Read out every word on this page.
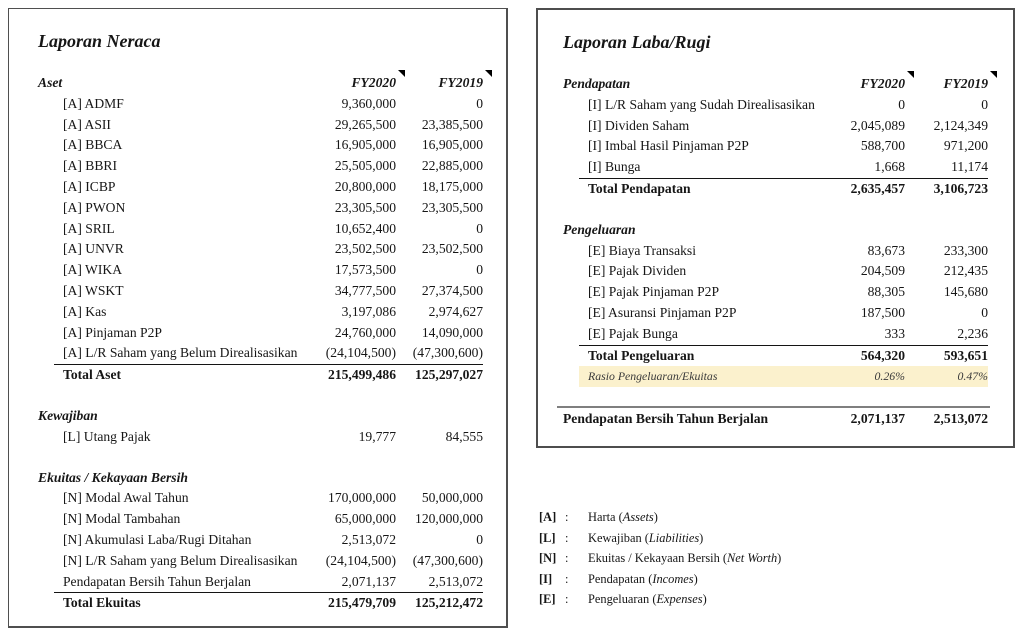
Laporan Neraca
Aset	FY2020	FY2019
[A] ADMF	9,360,000	0
[A] ASII	29,265,500	23,385,500
[A] BBCA	16,905,000	16,905,000
[A] BBRI	25,505,000	22,885,000
[A] ICBP	20,800,000	18,175,000
[A] PWON	23,305,500	23,305,500
[A] SRIL	10,652,400	0
[A] UNVR	23,502,500	23,502,500
[A] WIKA	17,573,500	0
[A] WSKT	34,777,500	27,374,500
[A] Kas	3,197,086	2,974,627
[A] Pinjaman P2P	24,760,000	14,090,000
[A] L/R Saham yang Belum Direalisasikan	(24,104,500)	(47,300,600)
Total Aset	215,499,486	125,297,027
Kewajiban
[L] Utang Pajak	19,777	84,555
Ekuitas / Kekayaan Bersih
[N] Modal Awal Tahun	170,000,000	50,000,000
[N] Modal Tambahan	65,000,000	120,000,000
[N] Akumulasi Laba/Rugi Ditahan	2,513,072	0
[N] L/R Saham yang Belum Direalisasikan	(24,104,500)	(47,300,600)
Pendapatan Bersih Tahun Berjalan	2,071,137	2,513,072
Total Ekuitas	215,479,709	125,212,472
Laporan Laba/Rugi
Pendapatan	FY2020	FY2019
[I] L/R Saham yang Sudah Direalisasikan	0	0
[I] Dividen Saham	2,045,089	2,124,349
[I] Imbal Hasil Pinjaman P2P	588,700	971,200
[I] Bunga	1,668	11,174
Total Pendapatan	2,635,457	3,106,723
Pengeluaran
[E] Biaya Transaksi	83,673	233,300
[E] Pajak Dividen	204,509	212,435
[E] Pajak Pinjaman P2P	88,305	145,680
[E] Asuransi Pinjaman P2P	187,500	0
[E] Pajak Bunga	333	2,236
Total Pengeluaran	564,320	593,651
Rasio Pengeluaran/Ekuitas	0.26%	0.47%
Pendapatan Bersih Tahun Berjalan	2,071,137	2,513,072
[A] :	Harta (Assets)
[L] :	Kewajiban (Liabilities)
[N] :	Ekuitas / Kekayaan Bersih (Net Worth)
[I]	:	Pendapatan (Incomes)
[E] :	Pengeluaran (Expenses)
